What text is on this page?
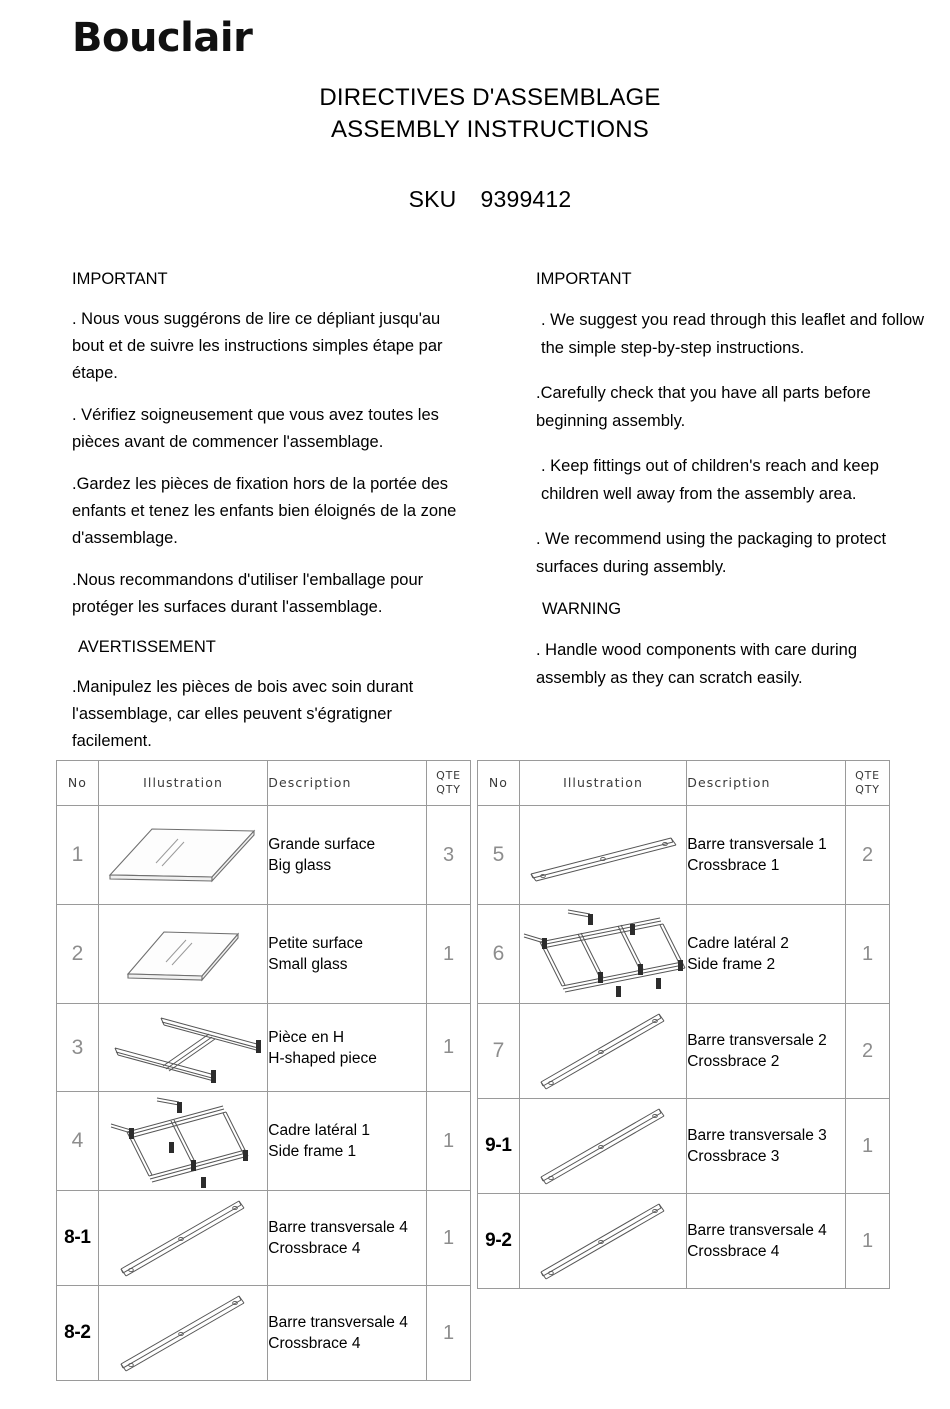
Bouclair
DIRECTIVES D'ASSEMBLAGE
ASSEMBLY INSTRUCTIONS
SKU 9399412

IMPORTANT

. Nous vous suggérons de lire ce dépliant jusqu'au bout et de suivre les instructions simples étape par étape.

. Vérifiez soigneusement que vous avez toutes les pièces avant de commencer l'assemblage.

.Gardez les pièces de fixation hors de la portée des enfants et tenez les enfants bien éloignés de la zone d'assemblage.

.Nous recommandons d'utiliser l'emballage pour protéger les surfaces durant l'assemblage.

AVERTISSEMENT

.Manipulez les pièces de bois avec soin durant l'assemblage, car elles peuvent s'égratigner facilement.

IMPORTANT

. We suggest you read through this leaflet and follow the simple step-by-step instructions.

.Carefully check that you have all parts before beginning assembly.

. Keep fittings out of children's reach and keep children well away from the assembly area.

. We recommend using the packaging to protect surfaces during assembly.

WARNING

. Handle wood components with care during assembly as they can scratch easily.

No	Illustration	Description	QTE
QTY

1		Grande surface
Big glass	3
2		Petite surface
Small glass	1
3		Pièce en H
H-shaped piece	1
4		Cadre latéral 1
Side frame 1	1
8-1		Barre transversale 4
Crossbrace 4	1
8-2		Barre transversale 4
Crossbrace 4	1
No	Illustration	Description	QTE
QTY

5		Barre transversale 1
Crossbrace 1	2
6		Cadre latéral 2
Side frame 2	1
7		Barre transversale 2
Crossbrace 2	2
9-1		Barre transversale 3
Crossbrace 3	1
9-2		Barre transversale 4
Crossbrace 4	1
